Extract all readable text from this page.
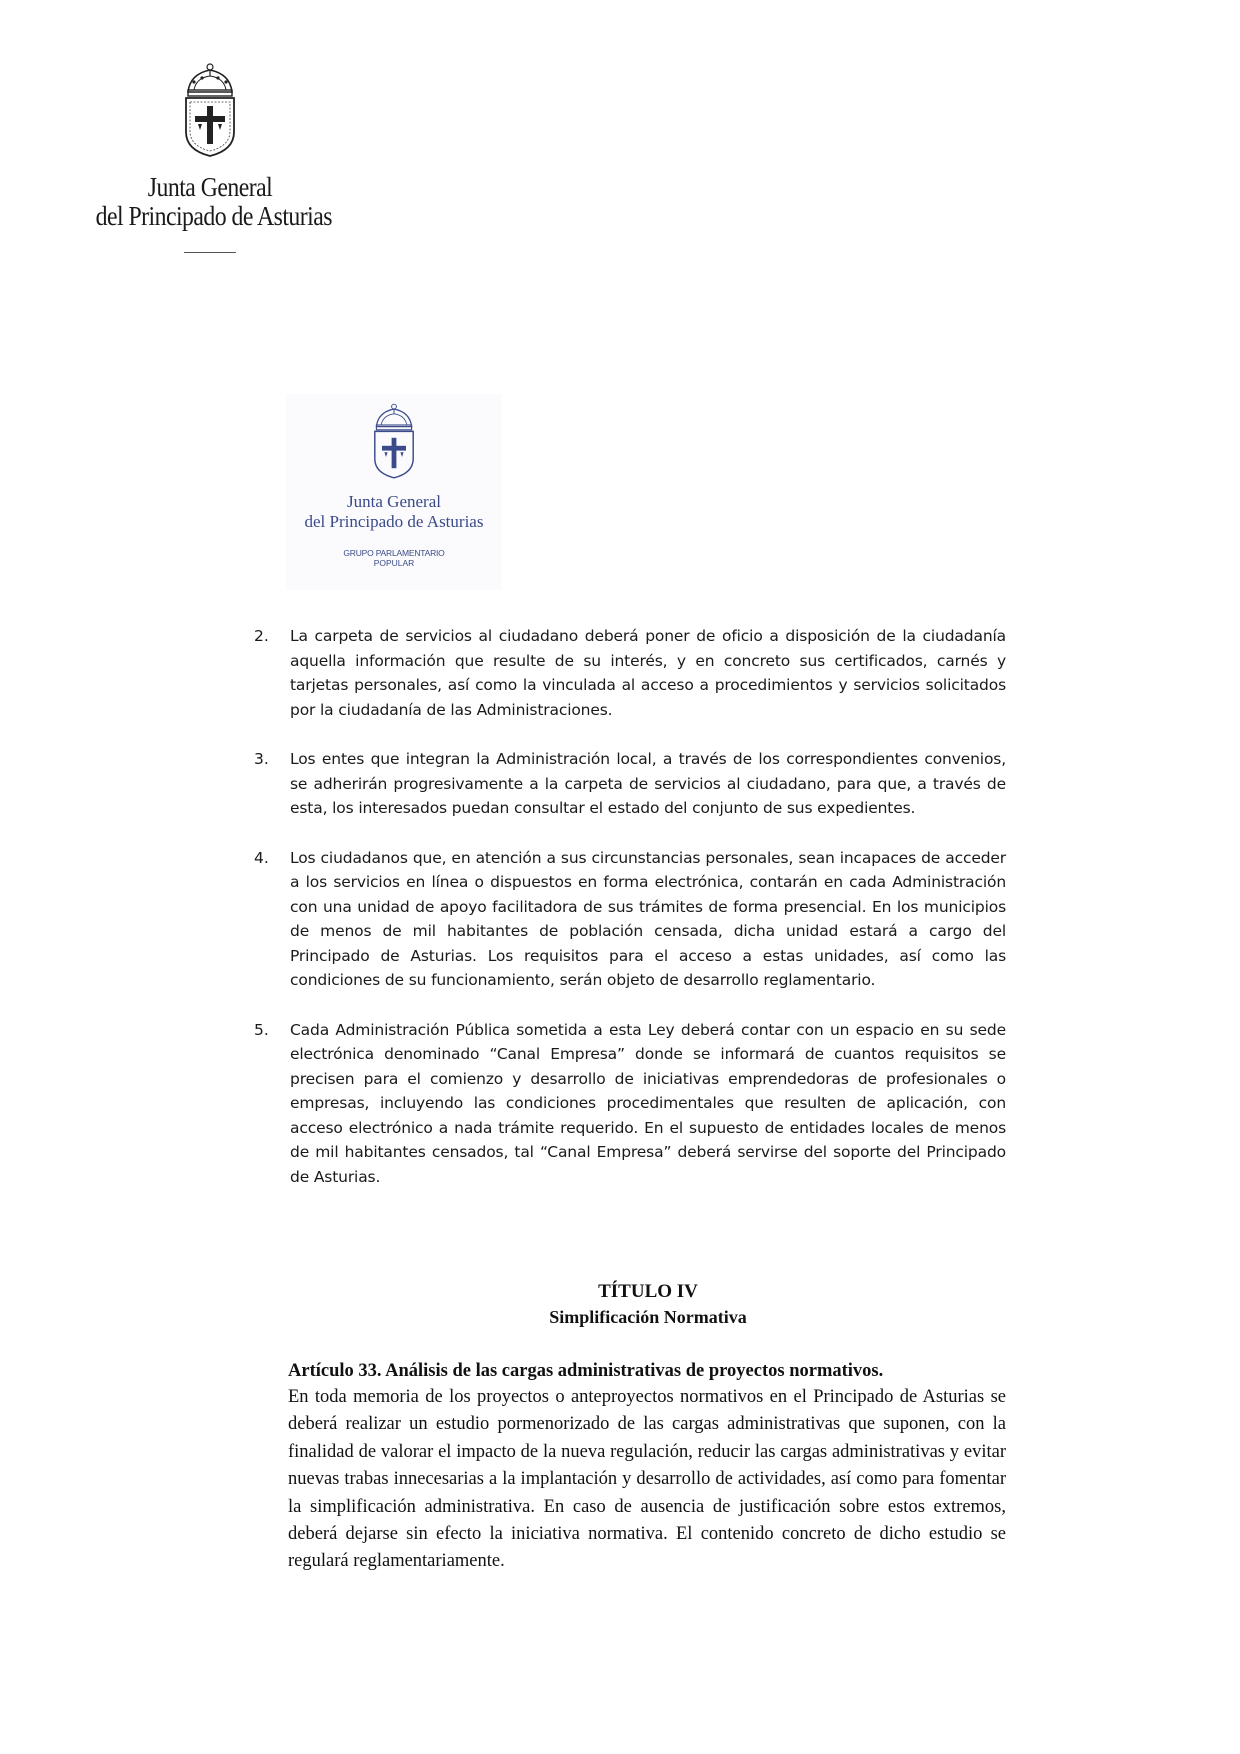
Junta General
del Principado de Asturias
Junta General
del Principado de Asturias
GRUPO PARLAMENTARIO
POPULAR
2.	La carpeta de servicios al ciudadano deberá poner de oficio a disposición de la ciudadanía aquella información que resulte de su interés, y en concreto sus certificados, carnés y tarjetas personales, así como la vinculada al acceso a procedimientos y servicios solicitados por la ciudadanía de las Administraciones.
3.	Los entes que integran la Administración local, a través de los correspondientes convenios, se adherirán progresivamente a la carpeta de servicios al ciudadano, para que, a través de esta, los interesados puedan consultar el estado del conjunto de sus expedientes.
4.	Los ciudadanos que, en atención a sus circunstancias personales, sean incapaces de acceder a los servicios en línea o dispuestos en forma electrónica, contarán en cada Administración con una unidad de apoyo facilitadora de sus trámites de forma presencial. En los municipios de menos de mil habitantes de población censada, dicha unidad estará a cargo del Principado de Asturias. Los requisitos para el acceso a estas unidades, así como las condiciones de su funcionamiento, serán objeto de desarrollo reglamentario.
5.	Cada Administración Pública sometida a esta Ley deberá contar con un espacio en su sede electrónica denominado “Canal Empresa” donde se informará de cuantos requisitos se precisen para el comienzo y desarrollo de iniciativas emprendedoras de profesionales o empresas, incluyendo las condiciones procedimentales que resulten de aplicación, con acceso electrónico a nada trámite requerido. En el supuesto de entidades locales de menos de mil habitantes censados, tal “Canal Empresa” deberá servirse del soporte del Principado de Asturias.
TÍTULO IV
Simplificación Normativa
Artículo 33. Análisis de las cargas administrativas de proyectos normativos.
En toda memoria de los proyectos o anteproyectos normativos en el Principado de Asturias se deberá realizar un estudio pormenorizado de las cargas administrativas que suponen, con la finalidad de valorar el impacto de la nueva regulación, reducir las cargas administrativas y evitar nuevas trabas innecesarias a la implantación y desarrollo de actividades, así como para fomentar la simplificación administrativa. En caso de ausencia de justificación sobre estos extremos, deberá dejarse sin efecto la iniciativa normativa. El contenido concreto de dicho estudio se regulará reglamentariamente.
